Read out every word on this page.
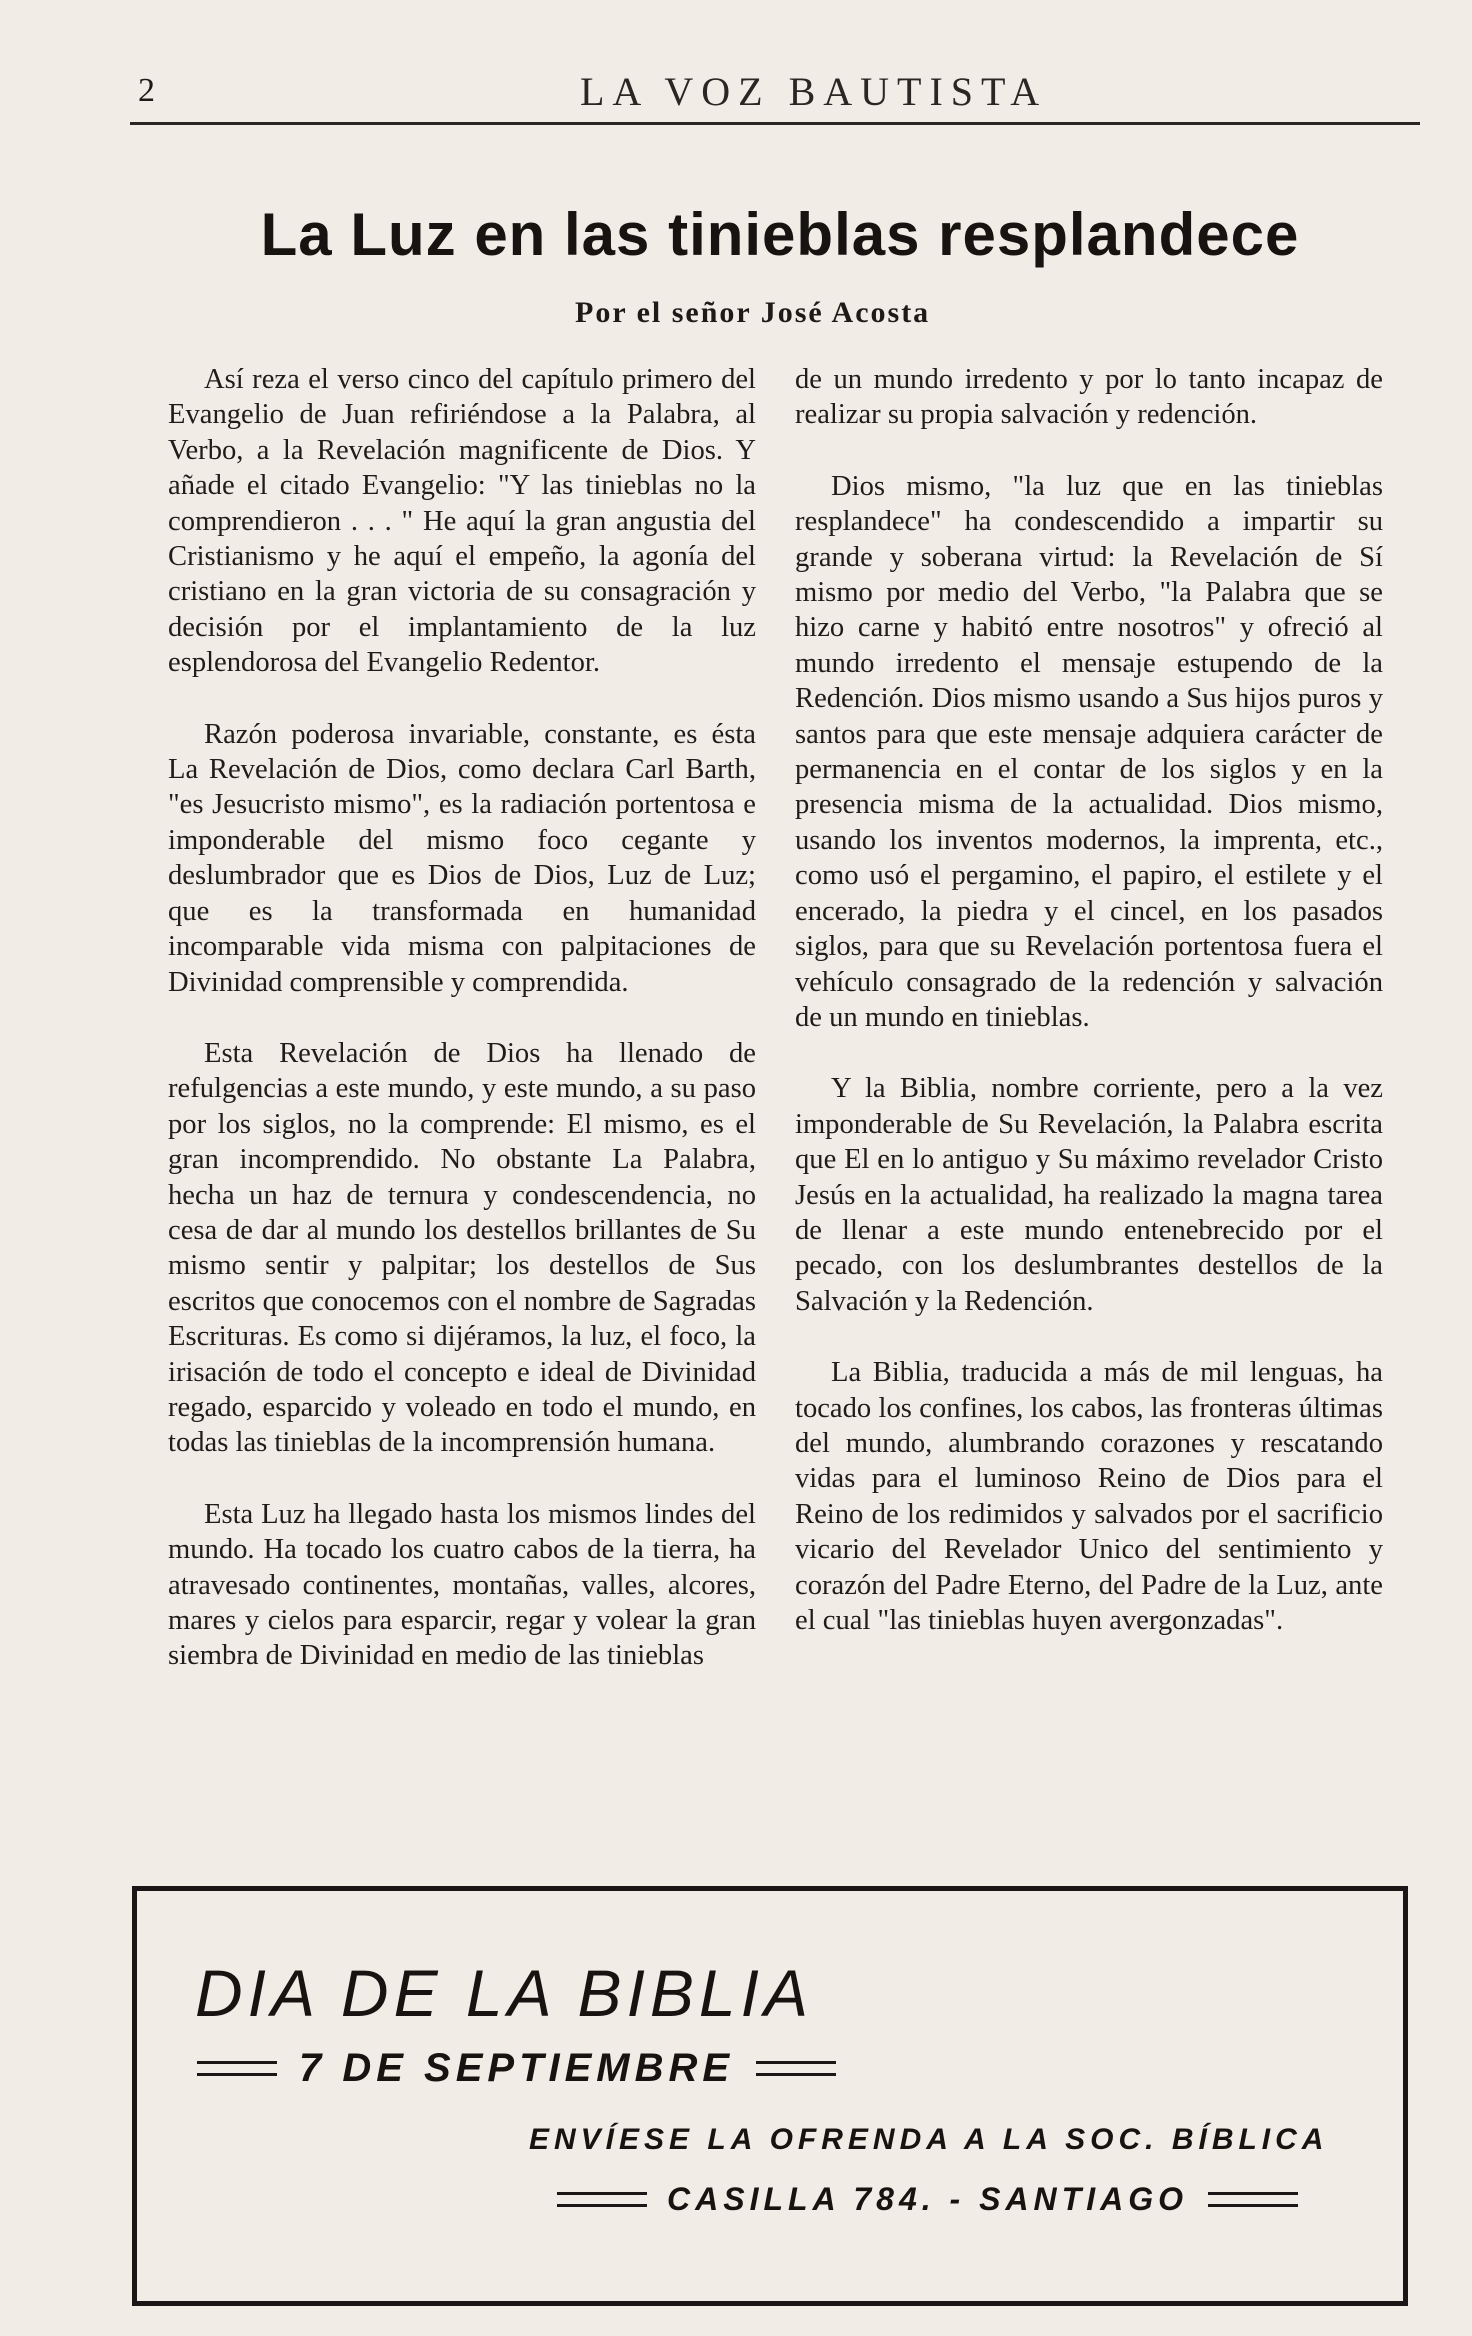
2	LA VOZ BAUTISTA
La Luz en las tinieblas resplandece
Por el señor José Acosta

Así reza el verso cinco del capítulo primero del Evangelio de Juan refiriéndose a la Palabra, al Verbo, a la Revelación magnificente de Dios. Y añade el citado Evangelio: "Y las tinieblas no la comprendieron . . . " He aquí la gran angustia del Cristianismo y he aquí el empeño, la agonía del cristiano en la gran victoria de su consagración y decisión por el implantamiento de la luz esplendorosa del Evangelio Redentor.

Razón poderosa invariable, constante, es ésta La Revelación de Dios, como declara Carl Barth, "es Jesucristo mismo", es la radiación portentosa e imponderable del mismo foco cegante y deslumbrador que es Dios de Dios, Luz de Luz; que es la transformada en humanidad incomparable vida misma con palpitaciones de Divinidad comprensible y comprendida.

Esta Revelación de Dios ha llenado de refulgencias a este mundo, y este mundo, a su paso por los siglos, no la comprende: El mismo, es el gran incomprendido. No obstante La Palabra, hecha un haz de ternura y condescendencia, no cesa de dar al mundo los destellos brillantes de Su mismo sentir y palpitar; los destellos de Sus escritos que conocemos con el nombre de Sagradas Escrituras. Es como si dijéramos, la luz, el foco, la irisación de todo el concepto e ideal de Divinidad regado, esparcido y voleado en todo el mundo, en todas las tinieblas de la incomprensión humana.

Esta Luz ha llegado hasta los mismos lindes del mundo. Ha tocado los cuatro cabos de la tierra, ha atravesado continentes, montañas, valles, alcores, mares y cielos para esparcir, regar y volear la gran siembra de Divinidad en medio de las tinieblas

de un mundo irredento y por lo tanto incapaz de realizar su propia salvación y redención.

Dios mismo, "la luz que en las tinieblas resplandece" ha condescendido a impartir su grande y soberana virtud: la Revelación de Sí mismo por medio del Verbo, "la Palabra que se hizo carne y habitó entre nosotros" y ofreció al mundo irredento el mensaje estupendo de la Redención. Dios mismo usando a Sus hijos puros y santos para que este mensaje adquiera carácter de permanencia en el contar de los siglos y en la presencia misma de la actualidad. Dios mismo, usando los inventos modernos, la imprenta, etc., como usó el pergamino, el papiro, el estilete y el encerado, la piedra y el cincel, en los pasados siglos, para que su Revelación portentosa fuera el vehículo consagrado de la redención y salvación de un mundo en tinieblas.

Y la Biblia, nombre corriente, pero a la vez imponderable de Su Revelación, la Palabra escrita que El en lo antiguo y Su máximo revelador Cristo Jesús en la actualidad, ha realizado la magna tarea de llenar a este mundo entenebrecido por el pecado, con los deslumbrantes destellos de la Salvación y la Redención.

La Biblia, traducida a más de mil lenguas, ha tocado los confines, los cabos, las fronteras últimas del mundo, alumbrando corazones y rescatando vidas para el luminoso Reino de Dios para el Reino de los redimidos y salvados por el sacrificio vicario del Revelador Unico del sentimiento y corazón del Padre Eterno, del Padre de la Luz, ante el cual "las tinieblas huyen avergonzadas".

DIA DE LA BIBLIA
7 DE SEPTIEMBRE
ENVÍESE LA OFRENDA A LA SOC. BÍBLICA
CASILLA 784. - SANTIAGO
